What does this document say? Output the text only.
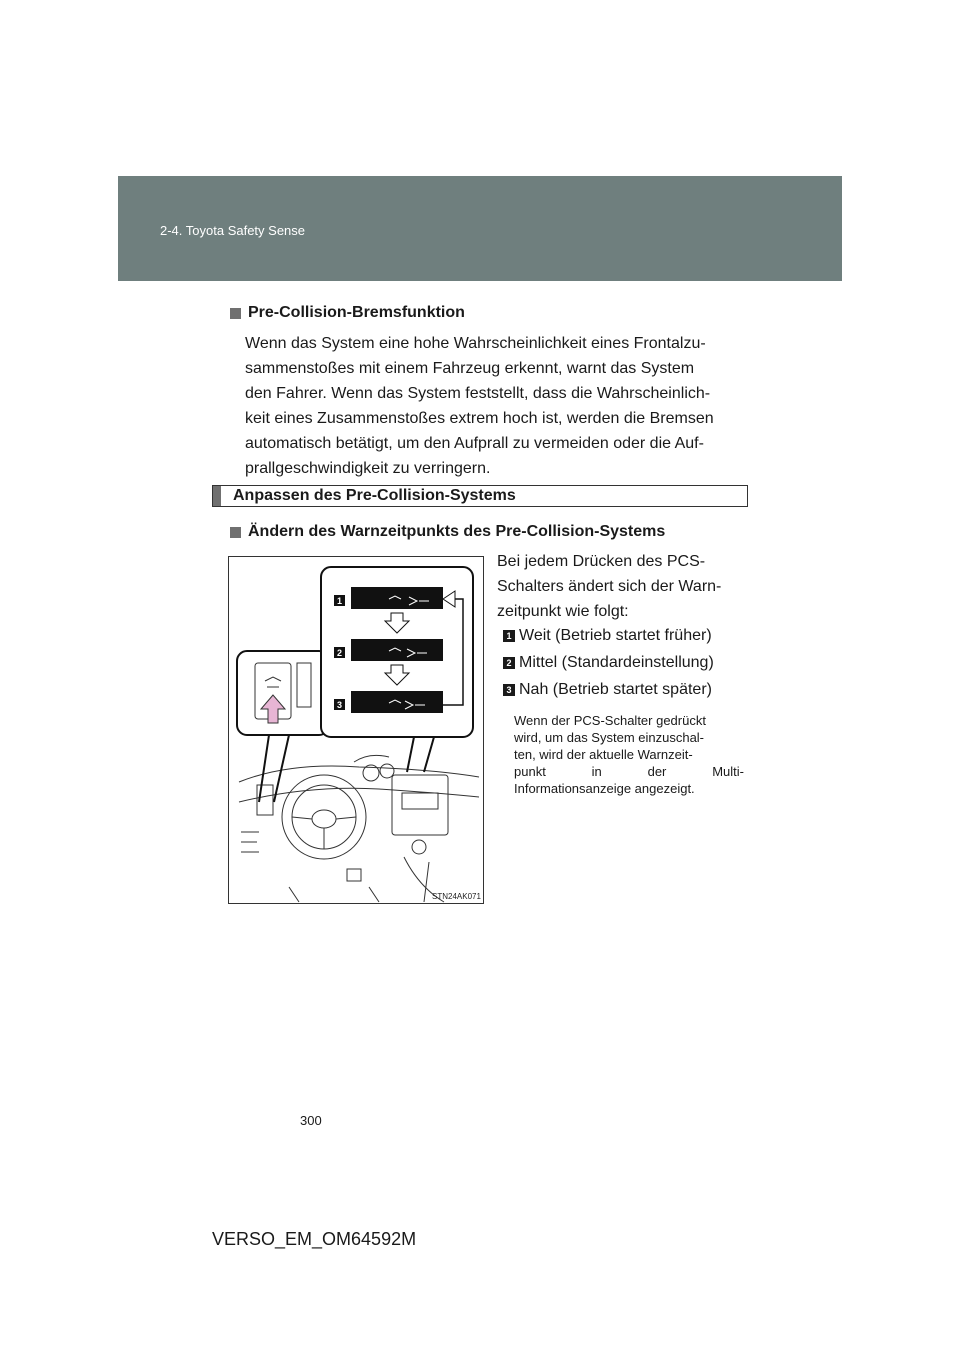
2-4. Toyota Safety Sense
Pre-Collision-Bremsfunktion
Wenn das System eine hohe Wahrscheinlichkeit eines Frontalzu-
sammenstoßes mit einem Fahrzeug erkennt, warnt das System
den Fahrer. Wenn das System feststellt, dass die Wahrscheinlich-
keit eines Zusammenstoßes extrem hoch ist, werden die Bremsen
automatisch betätigt, um den Aufprall zu vermeiden oder die Auf-
prallgeschwindigkeit zu verringern.
Anpassen des Pre-Collision-Systems
Ändern des Warnzeitpunkts des Pre-Collision-Systems
1
2
3
STN24AK071
Bei jedem Drücken des PCS-
Schalters ändert sich der Warn-
zeitpunkt wie folgt:
1 Weit (Betrieb startet früher)
2 Mittel (Standardeinstellung)
3 Nah (Betrieb startet später)
Wenn der PCS-Schalter gedrückt
wird, um das System einzuschal-
ten, wird der aktuelle Warnzeit-
punkt	in	der	Multi-
Informationsanzeige angezeigt.
300
VERSO_EM_OM64592M
